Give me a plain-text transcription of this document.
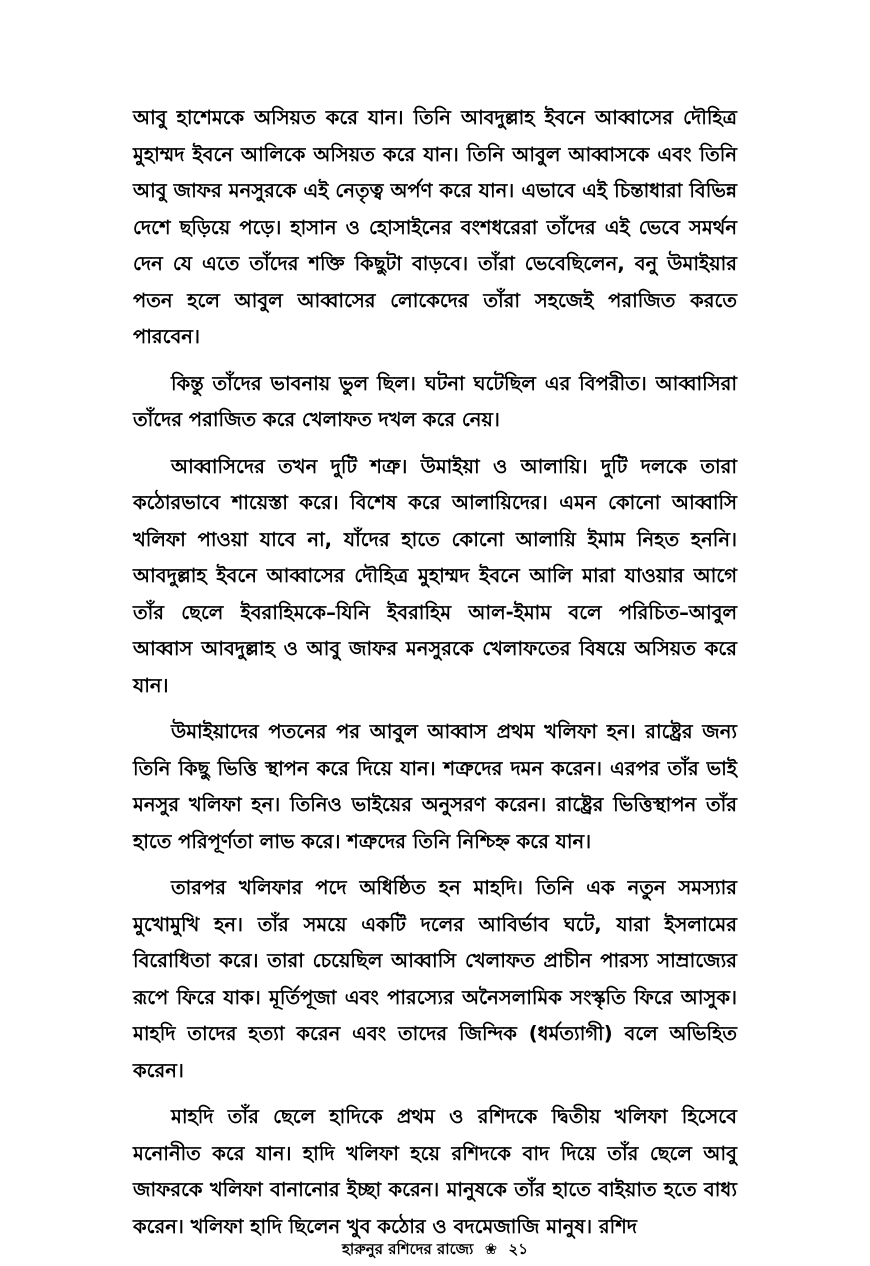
আবু হাশেমকে অসিয়ত করে যান। তিনি আবদুল্লাহ ইবনে আব্বাসের দৌহিত্র মুহাম্মদ ইবনে আলিকে অসিয়ত করে যান। তিনি আবুল আব্বাসকে এবং তিনি আবু জাফর মনসুরকে এই নেতৃত্ব অর্পণ করে যান। এভাবে এই চিন্তাধারা বিভিন্ন দেশে ছড়িয়ে পড়ে। হাসান ও হোসাইনের বংশধরেরা তাঁদের এই ভেবে সমর্থন দেন যে এতে তাঁদের শক্তি কিছুটা বাড়বে। তাঁরা ভেবেছিলেন, বনু উমাইয়ার পতন হলে আবুল আব্বাসের লোকেদের তাঁরা সহজেই পরাজিত করতে পারবেন।

কিন্তু তাঁদের ভাবনায় ভুল ছিল। ঘটনা ঘটেছিল এর বিপরীত। আব্বাসিরা তাঁদের পরাজিত করে খেলাফত দখল করে নেয়।

আব্বাসিদের তখন দুটি শত্রু। উমাইয়া ও আলায়ি। দুটি দলকে তারা কঠোরভাবে শায়েস্তা করে। বিশেষ করে আলায়িদের। এমন কোনো আব্বাসি খলিফা পাওয়া যাবে না, যাঁদের হাতে কোনো আলায়ি ইমাম নিহত হননি। আবদুল্লাহ ইবনে আব্বাসের দৌহিত্র মুহাম্মদ ইবনে আলি মারা যাওয়ার আগে তাঁর ছেলে ইবরাহিমকে–যিনি ইবরাহিম আল-ইমাম বলে পরিচিত–আবুল আব্বাস আবদুল্লাহ ও আবু জাফর মনসুরকে খেলাফতের বিষয়ে অসিয়ত করে যান।

উমাইয়াদের পতনের পর আবুল আব্বাস প্রথম খলিফা হন। রাষ্ট্রের জন্য তিনি কিছু ভিত্তি স্থাপন করে দিয়ে যান। শত্রুদের দমন করেন। এরপর তাঁর ভাই মনসুর খলিফা হন। তিনিও ভাইয়ের অনুসরণ করেন। রাষ্ট্রের ভিত্তিস্থাপন তাঁর হাতে পরিপূর্ণতা লাভ করে। শত্রুদের তিনি নিশ্চিহ্ন করে যান।

তারপর খলিফার পদে অধিষ্ঠিত হন মাহদি। তিনি এক নতুন সমস্যার মুখোমুখি হন। তাঁর সময়ে একটি দলের আবির্ভাব ঘটে, যারা ইসলামের বিরোধিতা করে। তারা চেয়েছিল আব্বাসি খেলাফত প্রাচীন পারস্য সাম্রাজ্যের রূপে ফিরে যাক। মূর্তিপূজা এবং পারস্যের অনৈসলামিক সংস্কৃতি ফিরে আসুক। মাহদি তাদের হত্যা করেন এবং তাদের জিন্দিক (ধর্মত্যাগী) বলে অভিহিত করেন।

মাহদি তাঁর ছেলে হাদিকে প্রথম ও রশিদকে দ্বিতীয় খলিফা হিসেবে মনোনীত করে যান। হাদি খলিফা হয়ে রশিদকে বাদ দিয়ে তাঁর ছেলে আবু জাফরকে খলিফা বানানোর ইচ্ছা করেন। মানুষকে তাঁর হাতে বাইয়াত হতে বাধ্য করেন। খলিফা হাদি ছিলেন খুব কঠোর ও বদমেজাজি মানুষ। রশিদ

হারুনুর রশিদের রাজ্যে ❀ ২১
